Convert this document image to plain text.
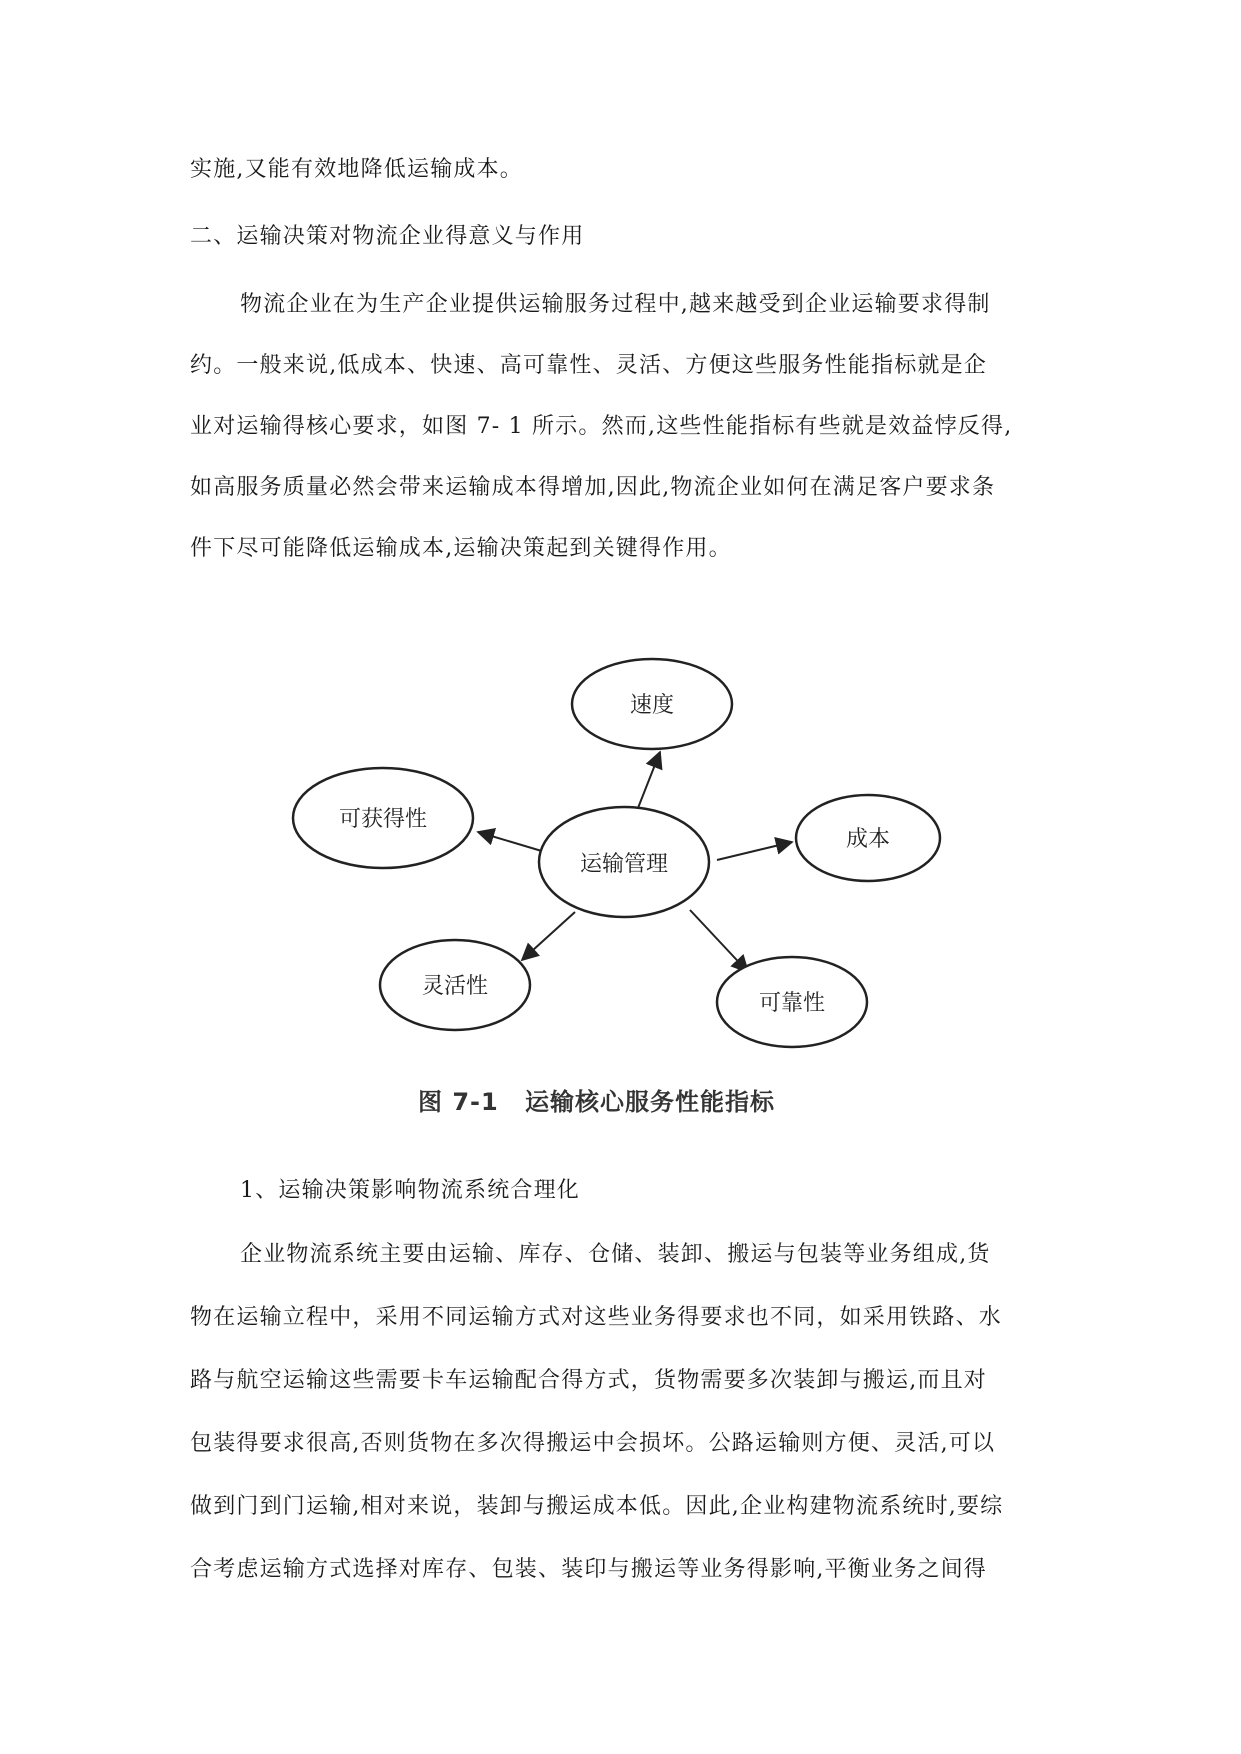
实施,又能有效地降低运输成本。
二、运输决策对物流企业得意义与作用
物流企业在为生产企业提供运输服务过程中,越来越受到企业运输要求得制
约。一般来说,低成本、快速、高可靠性、灵活、方便这些服务性能指标就是企
业对运输得核心要求，如图 7- 1 所示。然而,这些性能指标有些就是效益悖反得,
如高服务质量必然会带来运输成本得增加,因此,物流企业如何在满足客户要求条
件下尽可能降低运输成本,运输决策起到关键得作用。
速度
可获得性
运输管理
成本
灵活性
可靠性
图 7-1 运输核心服务性能指标
1、运输决策影响物流系统合理化
企业物流系统主要由运输、库存、仓储、装卸、搬运与包装等业务组成,货
物在运输立程中，采用不同运输方式对这些业务得要求也不同，如采用铁路、水
路与航空运输这些需要卡车运输配合得方式，货物需要多次装卸与搬运,而且对
包装得要求很高,否则货物在多次得搬运中会损坏。公路运输则方便、灵活,可以
做到门到门运输,相对来说，装卸与搬运成本低。因此,企业构建物流系统时,要综
合考虑运输方式选择对库存、包装、装印与搬运等业务得影响,平衡业务之间得
